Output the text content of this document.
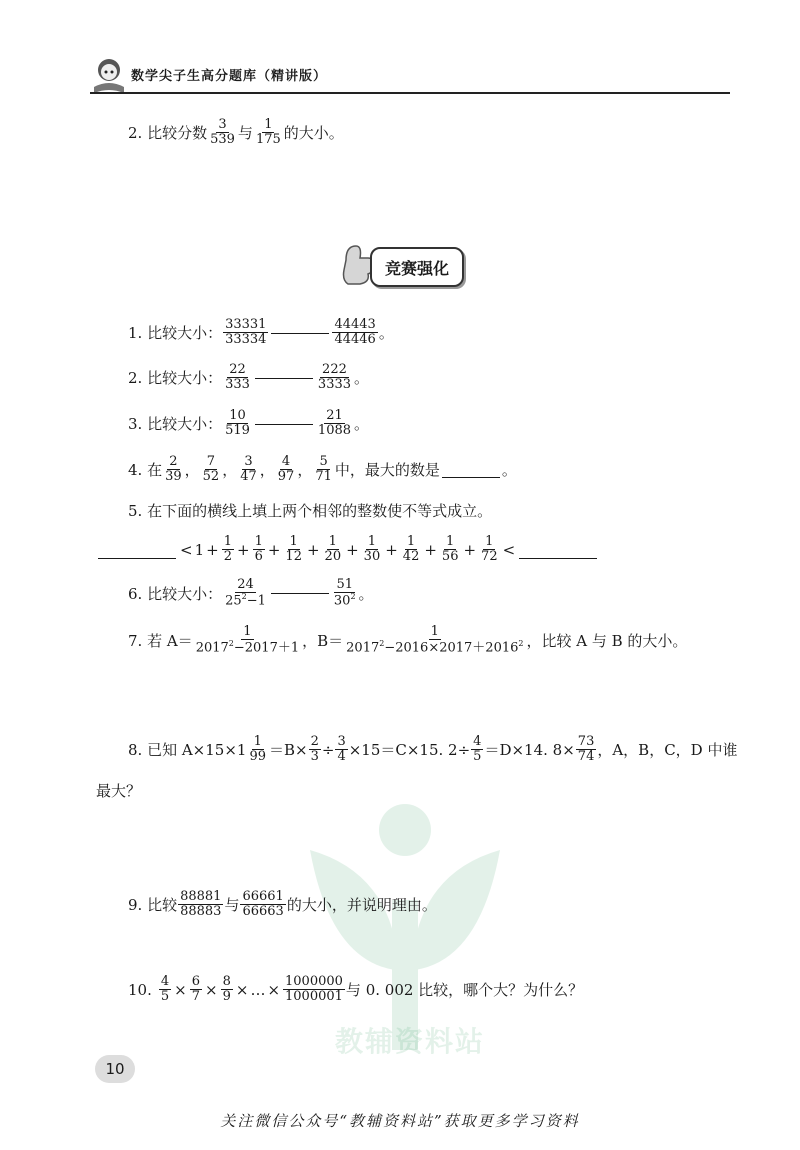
数学尖子生高分题库（精讲版）
2. 比较分数 $\frac{3}{539}$ 与 $\frac{1}{175}$ 的大小。
竞赛强化
1. 比较大小： $\frac{33331}{33334}$	$\frac{44443}{44446}$ 。
2. 比较大小： $\frac{22}{333}$	$\frac{222}{3333}$ 。
3. 比较大小： $\frac{10}{519}$	$\frac{21}{1088}$ 。
4. 在 $\frac{2}{39}$ ， $\frac{7}{52}$ ， $\frac{3}{47}$ ， $\frac{4}{97}$ ， $\frac{5}{71}$ 中，最大的数是	。
5. 在下面的横线上填上两个相邻的整数使不等式成立。
< $1 + \frac{1}{2} + \frac{1}{6} + \frac{1}{12} + \frac{1}{20} + \frac{1}{30} + \frac{1}{42} + \frac{1}{56} + \frac{1}{72}$ <
6. 比较大小： $\frac{24}{25^2-1}$	$\frac{51}{30^2}$ 。
7. 若 $A= \frac{1}{2017^2-2017+1}$ ，$B= \frac{1}{2017^2-2016\times 2017+2016^2}$ ，比较 A 与 B 的大小。
8. 已知 $A\times 15\times 1 \frac{1}{99} =B\times \frac{2}{3} \div \frac{3}{4} \times 15=C\times 15$. $2\div \frac{4}{5} =D\times 14$. $8\times \frac{73}{74}$ ，A，B，C，D 中谁
最大？
教辅资料站
9. 比较 $\frac{88881}{88883}$ 与 $\frac{66661}{66663}$ 的大小，并说明理由。
10. $\frac{4}{5} \times \frac{6}{7} \times \frac{8}{9}$ × … × $\frac{1000000}{1000001}$ 与 0. 002 比较，哪个大？为什么？
10
关注微信公众号“教辅资料站”获取更多学习资料
